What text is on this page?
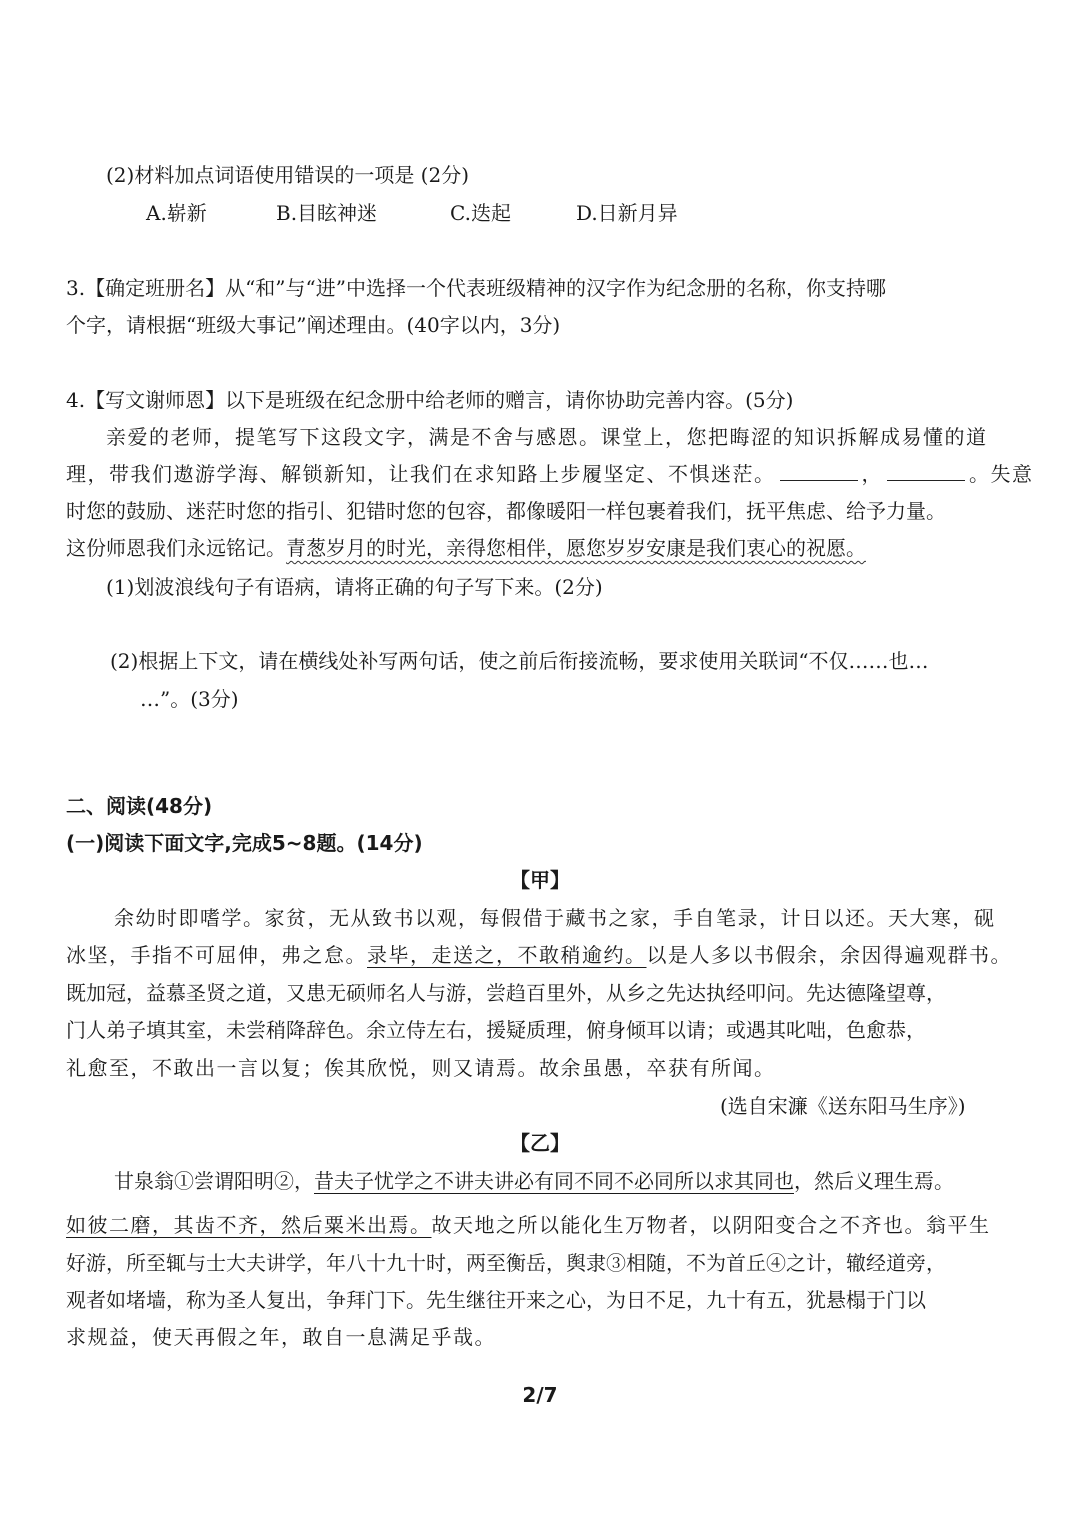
(2)材料加点词语使用错误的一项是 (2分)
A.崭新	B.目眩神迷	C.迭起	D.日新月异
3.【确定班册名】从“和”与“进”中选择一个代表班级精神的汉字作为纪念册的名称，你支持哪
个字，请根据“班级大事记”阐述理由。(40字以内，3分)
4.【写文谢师恩】以下是班级在纪念册中给老师的赠言，请你协助完善内容。(5分)
亲爱的老师，提笔写下这段文字，满是不舍与感恩。课堂上，您把晦涩的知识拆解成易懂的道
理，带我们遨游学海、解锁新知，让我们在求知路上步履坚定、不惧迷茫。	，	。失意
时您的鼓励、迷茫时您的指引、犯错时您的包容，都像暖阳一样包裹着我们，抚平焦虑、给予力量。
这份师恩我们永远铭记。青葱岁月的时光，亲得您相伴，愿您岁岁安康是我们衷心的祝愿。
(1)划波浪线句子有语病，请将正确的句子写下来。(2分)
(2)根据上下文，请在横线处补写两句话，使之前后衔接流畅，要求使用关联词“不仅……也…
…”。(3分)
二、阅读(48分)
(一)阅读下面文字,完成5~8题。(14分)
【甲】
余幼时即嗜学。家贫，无从致书以观，每假借于藏书之家，手自笔录，计日以还。天大寒，砚
冰坚，手指不可屈伸，弗之怠。录毕，走送之，不敢稍逾约。以是人多以书假余，余因得遍观群书。
既加冠，益慕圣贤之道，又患无硕师名人与游，尝趋百里外，从乡之先达执经叩问。先达德隆望尊，
门人弟子填其室，未尝稍降辞色。余立侍左右，援疑质理，俯身倾耳以请；或遇其叱咄，色愈恭，
礼愈至，不敢出一言以复；俟其欣悦，则又请焉。故余虽愚，卒获有所闻。
(选自宋濂《送东阳马生序》)
【乙】
甘泉翁①尝谓阳明②，昔夫子忧学之不讲夫讲必有同不同不必同所以求其同也，然后义理生焉。
如彼二磨，其齿不齐，然后粟米出焉。故天地之所以能化生万物者，以阴阳变合之不齐也。翁平生
好游，所至辄与士大夫讲学，年八十九十时，两至衡岳，舆隶③相随，不为首丘④之计，辙经道旁，
观者如堵墙，称为圣人复出，争拜门下。先生继往开来之心，为日不足，九十有五，犹悬榻于门以
求规益，使天再假之年，敢自一息满足乎哉。
2/7
